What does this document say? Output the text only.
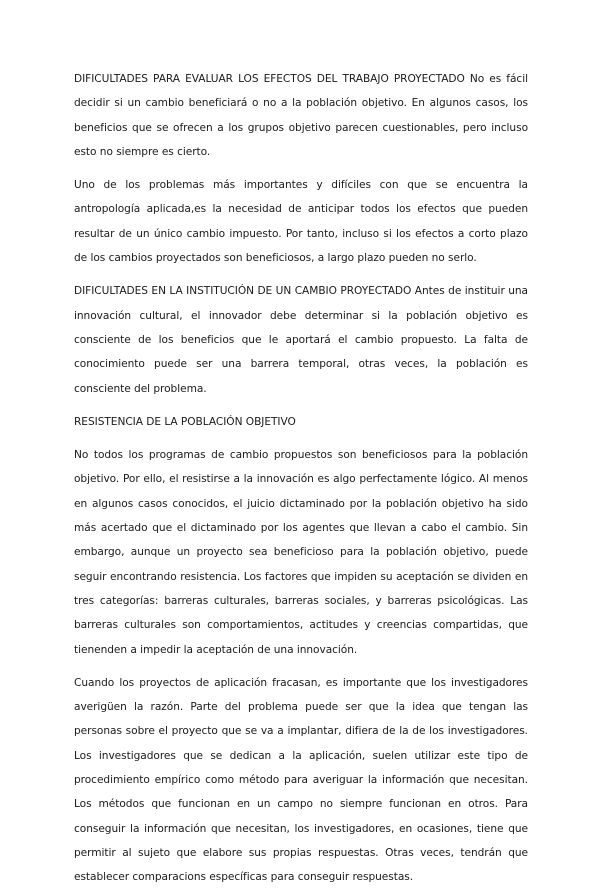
DIFICULTADES PARA EVALUAR LOS EFECTOS DEL TRABAJO PROYECTADO No es fácil decidir si un cambio beneficiará o no a la población objetivo. En algunos casos, los beneficios que se ofrecen a los grupos objetivo parecen cuestionables, pero incluso esto no siempre es cierto.

Uno de los problemas más importantes y difíciles con que se encuentra la antropología aplicada,es la necesidad de anticipar todos los efectos que pueden resultar de un único cambio impuesto. Por tanto, incluso si los efectos a corto plazo de los cambios proyectados son beneficiosos, a largo plazo pueden no serlo.

DIFICULTADES EN LA INSTITUCIÓN DE UN CAMBIO PROYECTADO Antes de instituir una innovación cultural, el innovador debe determinar si la población objetivo es consciente de los beneficios que le aportará el cambio propuesto. La falta de conocimiento puede ser una barrera temporal, otras veces, la población es consciente del problema.

RESISTENCIA DE LA POBLACIÓN OBJETIVO

No todos los programas de cambio propuestos son beneficiosos para la población objetivo. Por ello, el resistirse a la innovación es algo perfectamente lógico. Al menos en algunos casos conocidos, el juicio dictaminado por la población objetivo ha sido más acertado que el dictaminado por los agentes que llevan a cabo el cambio. Sin embargo, aunque un proyecto sea beneficioso para la población objetivo, puede seguir encontrando resistencia. Los factores que impiden su aceptación se dividen en tres categorías: barreras culturales, barreras sociales, y barreras psicológicas. Las barreras culturales son comportamientos, actitudes y creencias compartidas, que tienenden a impedir la aceptación de una innovación.

Cuando los proyectos de aplicación fracasan, es importante que los investigadores averigüen la razón. Parte del problema puede ser que la idea que tengan las personas sobre el proyecto que se va a implantar, difiera de la de los investigadores. Los investigadores que se dedican a la aplicación, suelen utilizar este tipo de procedimiento empírico como método para averiguar la información que necesitan. Los métodos que funcionan en un campo no siempre funcionan en otros. Para conseguir la información que necesitan, los investigadores, en ocasiones, tiene que permitir al sujeto que elabore sus propias respuestas. Otras veces, tendrán que establecer comparacions específicas para conseguir respuestas.
